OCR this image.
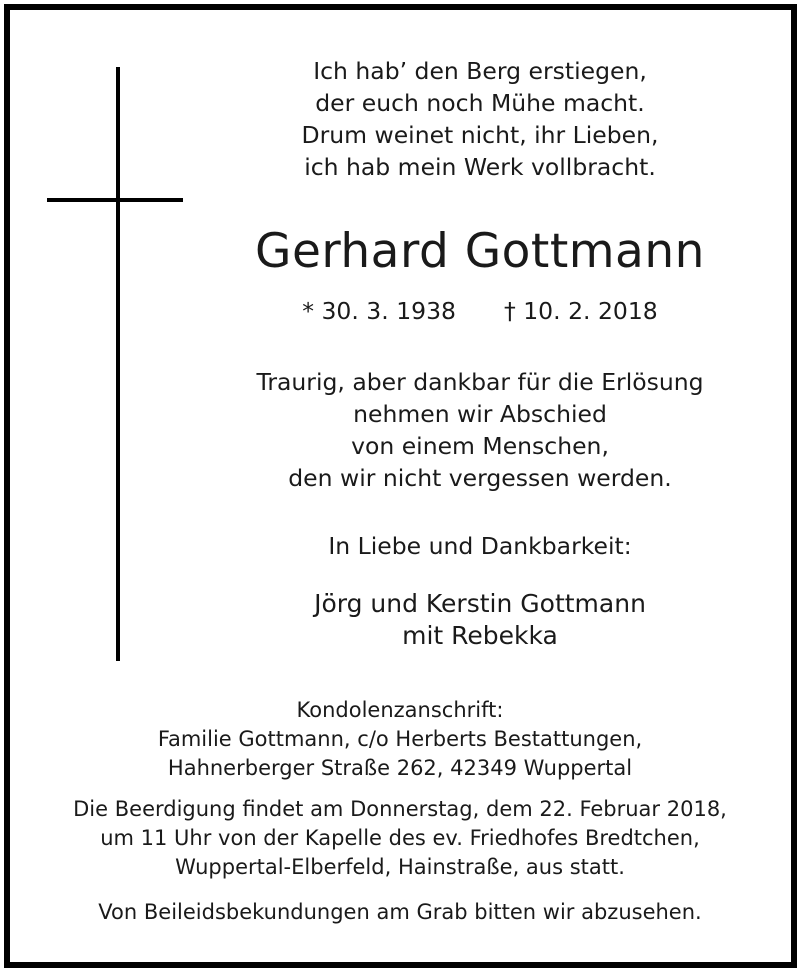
Ich hab’ den Berg erstiegen,
der euch noch Mühe macht.
Drum weinet nicht, ihr Lieben,
ich hab mein Werk vollbracht.
Gerhard Gottmann
* 30. 3. 1938 † 10. 2. 2018
Traurig, aber dankbar für die Erlösung
nehmen wir Abschied
von einem Menschen,
den wir nicht vergessen werden.
In Liebe und Dankbarkeit:
Jörg und Kerstin Gottmann
mit Rebekka
Kondolenzanschrift:
Familie Gottmann, c/o Herberts Bestattungen,
Hahnerberger Straße 262, 42349 Wuppertal
Die Beerdigung findet am Donnerstag, dem 22. Februar 2018,
um 11 Uhr von der Kapelle des ev. Friedhofes Bredtchen,
Wuppertal-Elberfeld, Hainstraße, aus statt.
Von Beileidsbekundungen am Grab bitten wir abzusehen.
